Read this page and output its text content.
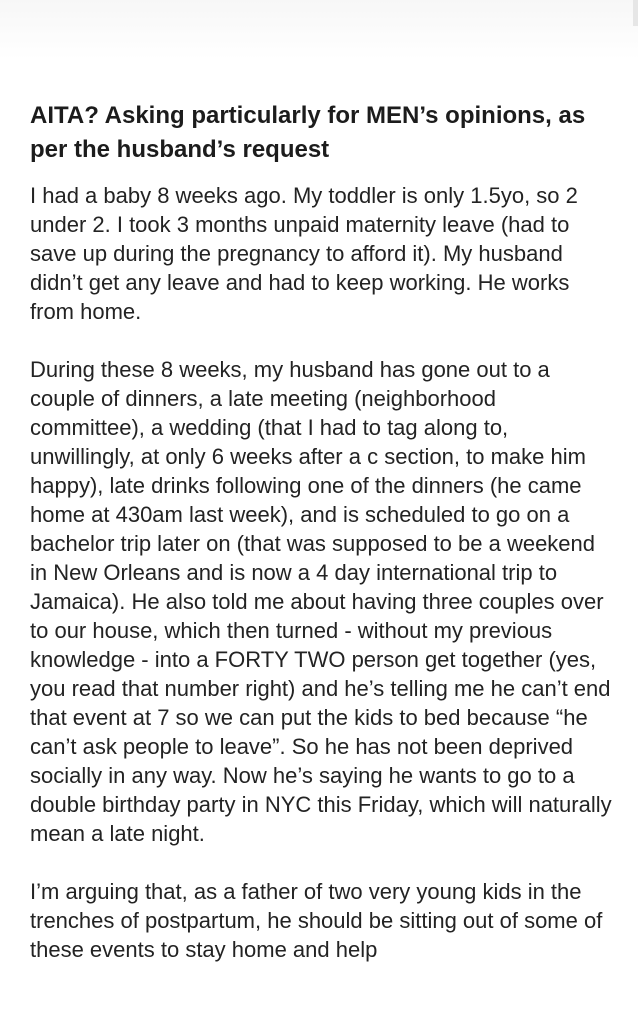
AITA? Asking particularly for MEN’s opinions, as per the husband’s request

I had a baby 8 weeks ago. My toddler is only 1.5yo, so 2 under 2. I took 3 months unpaid maternity leave (had to save up during the pregnancy to afford it). My husband didn’t get any leave and had to keep working. He works from home.

During these 8 weeks, my husband has gone out to a couple of dinners, a late meeting (neighborhood committee), a wedding (that I had to tag along to, unwillingly, at only 6 weeks after a c section, to make him happy), late drinks following one of the dinners (he came home at 430am last week), and is scheduled to go on a bachelor trip later on (that was supposed to be a weekend in New Orleans and is now a 4 day international trip to Jamaica). He also told me about having three couples over to our house, which then turned - without my previous knowledge - into a FORTY TWO person get together (yes, you read that number right) and he’s telling me he can’t end that event at 7 so we can put the kids to bed because “he can’t ask people to leave”. So he has not been deprived socially in any way. Now he’s saying he wants to go to a double birthday party in NYC this Friday, which will naturally mean a late night.

I’m arguing that, as a father of two very young kids in the trenches of postpartum, he should be sitting out of some of these events to stay home and help
